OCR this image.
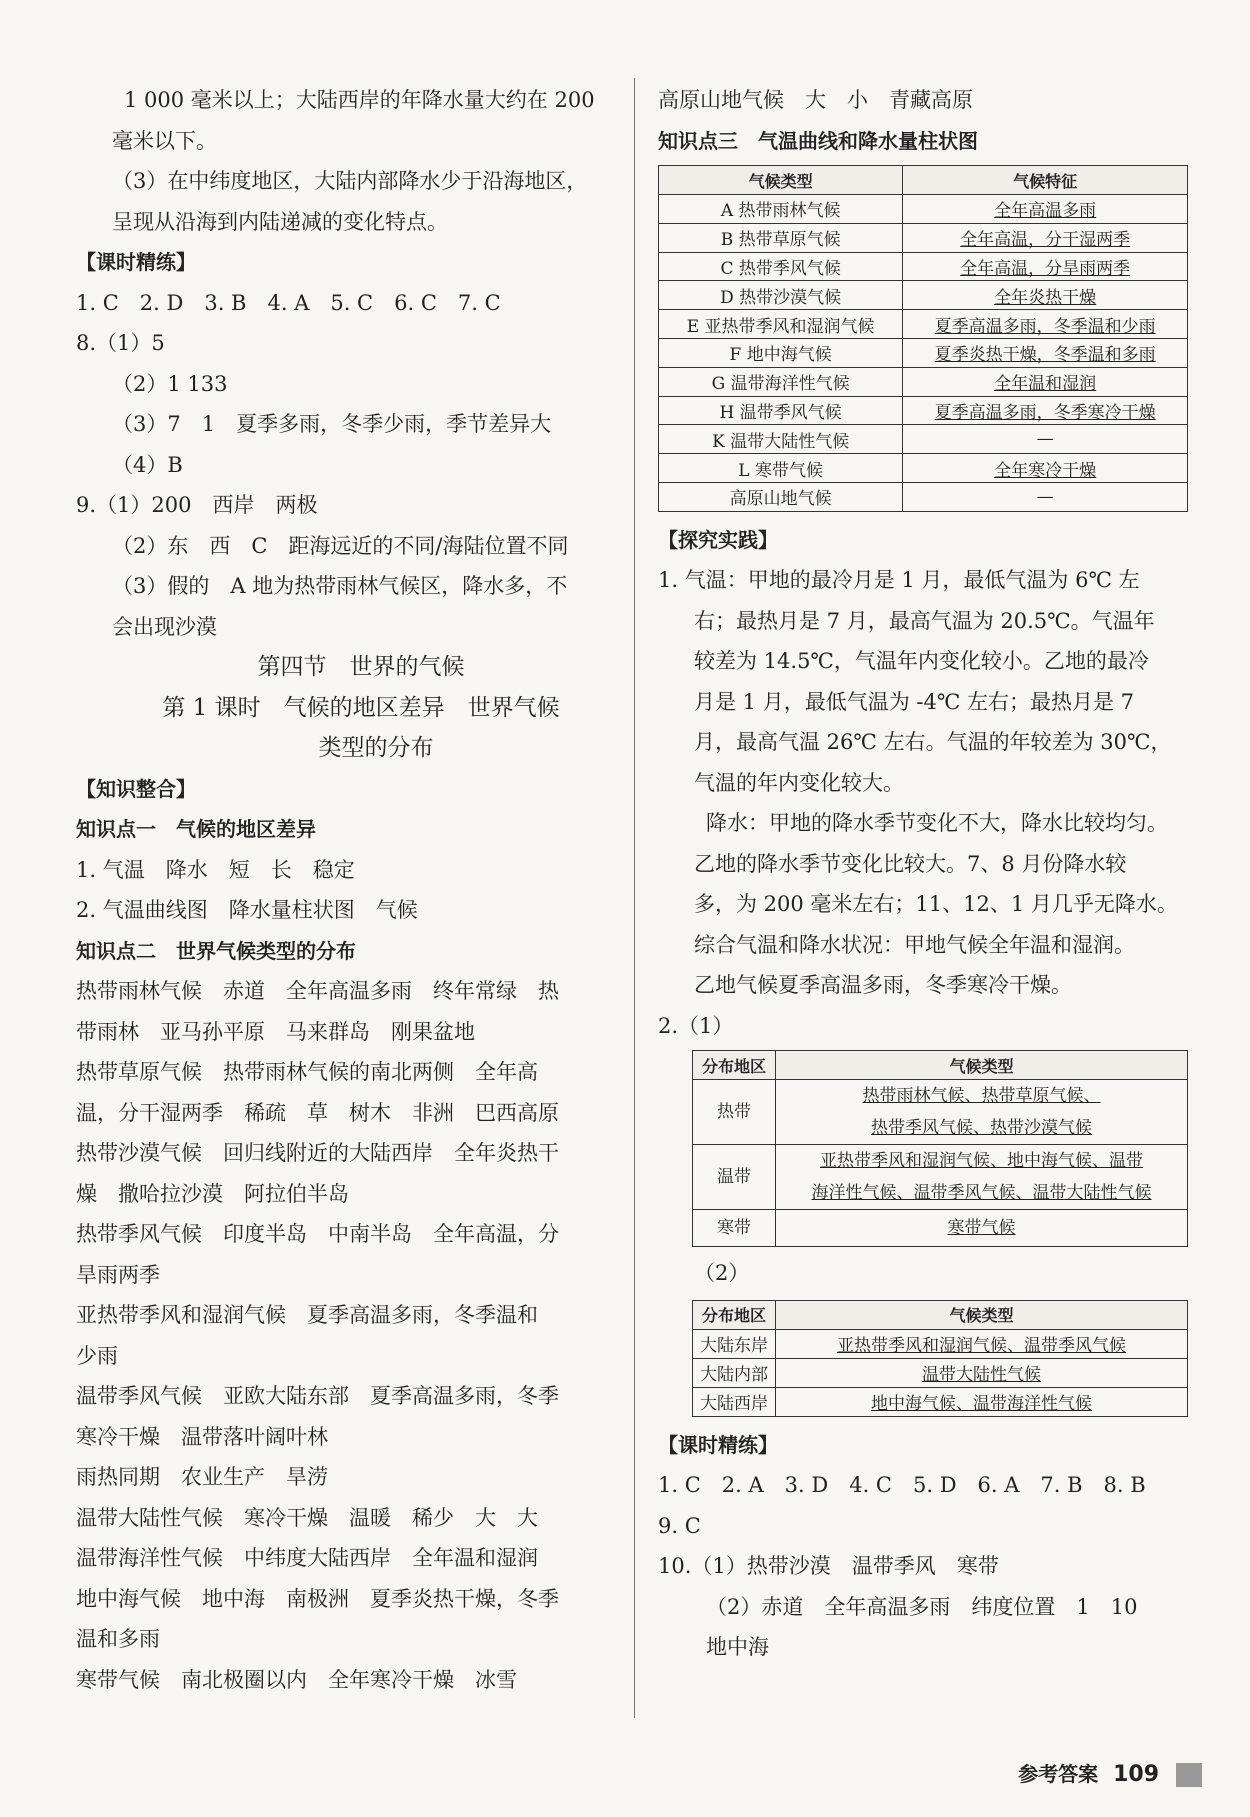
1 000 毫米以上；大陆西岸的年降水量大约在 200
毫米以下。
（3）在中纬度地区，大陆内部降水少于沿海地区，
呈现从沿海到内陆递减的变化特点。
【课时精练】
1. C　2. D　3. B　4. A　5. C　6. C　7. C
8.（1）5
（2）1 133
（3）7　1　夏季多雨，冬季少雨，季节差异大
（4）B
9.（1）200　西岸　两极
（2）东　西　C　距海远近的不同/海陆位置不同
（3）假的　A 地为热带雨林气候区，降水多，不
会出现沙漠
第四节　世界的气候
第 1 课时　气候的地区差异　世界气候
类型的分布
【知识整合】
知识点一　气候的地区差异
1. 气温　降水　短　长　稳定
2. 气温曲线图　降水量柱状图　气候
知识点二　世界气候类型的分布
热带雨林气候　赤道　全年高温多雨　终年常绿　热
带雨林　亚马孙平原　马来群岛　刚果盆地
热带草原气候　热带雨林气候的南北两侧　全年高
温，分干湿两季　稀疏　草　树木　非洲　巴西高原
热带沙漠气候　回归线附近的大陆西岸　全年炎热干
燥　撒哈拉沙漠　阿拉伯半岛
热带季风气候　印度半岛　中南半岛　全年高温，分
旱雨两季
亚热带季风和湿润气候　夏季高温多雨，冬季温和
少雨
温带季风气候　亚欧大陆东部　夏季高温多雨，冬季
寒冷干燥　温带落叶阔叶林
雨热同期　农业生产　旱涝
温带大陆性气候　寒冷干燥　温暖　稀少　大　大
温带海洋性气候　中纬度大陆西岸　全年温和湿润
地中海气候　地中海　南极洲　夏季炎热干燥，冬季
温和多雨
寒带气候　南北极圈以内　全年寒冷干燥　冰雪
高原山地气候　大　小　青藏高原
知识点三　气温曲线和降水量柱状图
气候类型	气候特征
A 热带雨林气候	全年高温多雨
B 热带草原气候	全年高温，分干湿两季
C 热带季风气候	全年高温，分旱雨两季
D 热带沙漠气候	全年炎热干燥
E 亚热带季风和湿润气候	夏季高温多雨，冬季温和少雨
F 地中海气候	夏季炎热干燥，冬季温和多雨
G 温带海洋性气候	全年温和湿润
H 温带季风气候	夏季高温多雨，冬季寒冷干燥
K 温带大陆性气候	—
L 寒带气候	全年寒冷干燥
高原山地气候	—
【探究实践】
1. 气温：甲地的最冷月是 1 月，最低气温为 6℃ 左
右；最热月是 7 月，最高气温为 20.5℃。气温年
较差为 14.5℃，气温年内变化较小。乙地的最冷
月是 1 月，最低气温为 -4℃ 左右；最热月是 7
月，最高气温 26℃ 左右。气温的年较差为 30℃，
气温的年内变化较大。
降水：甲地的降水季节变化不大，降水比较均匀。
乙地的降水季节变化比较大。7、8 月份降水较
多，为 200 毫米左右；11、12、1 月几乎无降水。
综合气温和降水状况：甲地气候全年温和湿润。
乙地气候夏季高温多雨，冬季寒冷干燥。
2.（1）
分布地区	气候类型
热带	热带雨林气候、热带草原气候、
热带季风气候、热带沙漠气候

温带	亚热带季风和湿润气候、地中海气候、温带
海洋性气候、温带季风气候、温带大陆性气候

寒带	寒带气候
（2）
分布地区	气候类型
大陆东岸	亚热带季风和湿润气候、温带季风气候
大陆内部	温带大陆性气候
大陆西岸	地中海气候、温带海洋性气候
【课时精练】
1. C　2. A　3. D　4. C　5. D　6. A　7. B　8. B
9. C
10.（1）热带沙漠　温带季风　寒带
（2）赤道　全年高温多雨　纬度位置　1　10
地中海
参考答案 109
